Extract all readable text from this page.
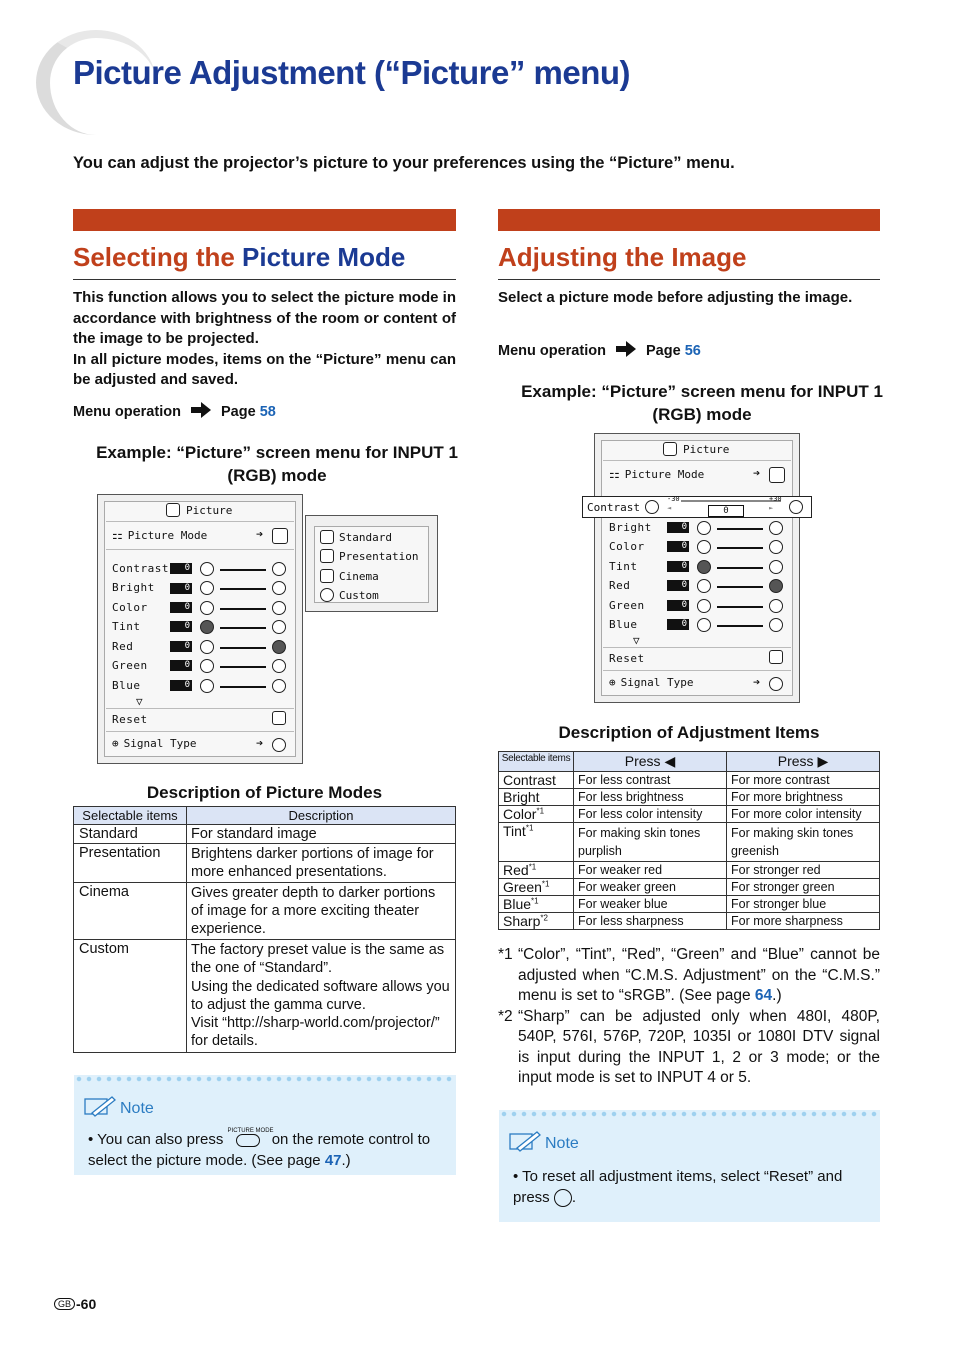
Picture Adjustment (“Picture” menu)
You can adjust the projector’s picture to your preferences using the “Picture” menu.
Selecting the Picture Mode
This function allows you to select the picture mode in accordance with brightness of the room or content of the image to be projected.
In all picture modes, items on the “Picture” menu can be adjusted and saved.
Menu operation	Page 58
Example: “Picture” screen menu for INPUT 1 (RGB) mode
Picture
⚏ Picture Mode	➔
Contrast
Bright
Color
Tint
Red
Green
Blue
0
0
0
0
0
0
0
▽
Reset
⊕ Signal Type	➔
Standard
Presentation
Cinema
Custom
Description of Picture Modes
Selectable items	Description
Standard	For standard image
Presentation	Brightens darker portions of image for more enhanced presentations.
Cinema	Gives greater depth to darker portions of image for a more exciting theater experience.
Custom	The factory preset value is the same as the one of “Standard”.
Using the dedicated software allows you to adjust the gamma curve.
Visit “http://sharp-world.com/projector/” for details.
Note
• You can also press PICTURE MODE
on the remote control to select the picture mode. (See page 47.)
Adjusting the Image
Select a picture mode before adjusting the image.
Menu operation	Page 56
Example: “Picture” screen menu for INPUT 1 (RGB) mode
Picture
⚏ Picture Mode	➔
Bright
Color
Tint
Red
Green
Blue
0
0
0
0
0
0
▽
Reset
⊕ Signal Type	➔
Contrast
-30
◄	0
+30
►
Description of Adjustment Items
Selectable items	Press ◀	Press ▶
Contrast	For less contrast	For more contrast
Bright	For less brightness	For more brightness
Color$^{*1}$	For less color intensity	For more color intensity
Tint$^{*1}$	For making skin tones purplish	For making skin tones greenish
Red$^{*1}$	For weaker red	For stronger red
Green$^{*1}$	For weaker green	For stronger green
Blue$^{*1}$	For weaker blue	For stronger blue
Sharp$^{*2}$	For less sharpness	For more sharpness
*1 “Color”, “Tint”, “Red”, “Green” and “Blue” cannot be adjusted when “C.M.S. Adjustment” on the “C.M.S.” menu is set to “sRGB”. (See page 64.)
*2 “Sharp” can be adjusted only when 480I, 480P, 540P, 576I, 576P, 720P, 1035I or 1080I DTV signal is input during the INPUT 1, 2 or 3 mode; or the input mode is set to INPUT 4 or 5.
Note
• To reset all adjustment items, select “Reset” and press .
GB -60
